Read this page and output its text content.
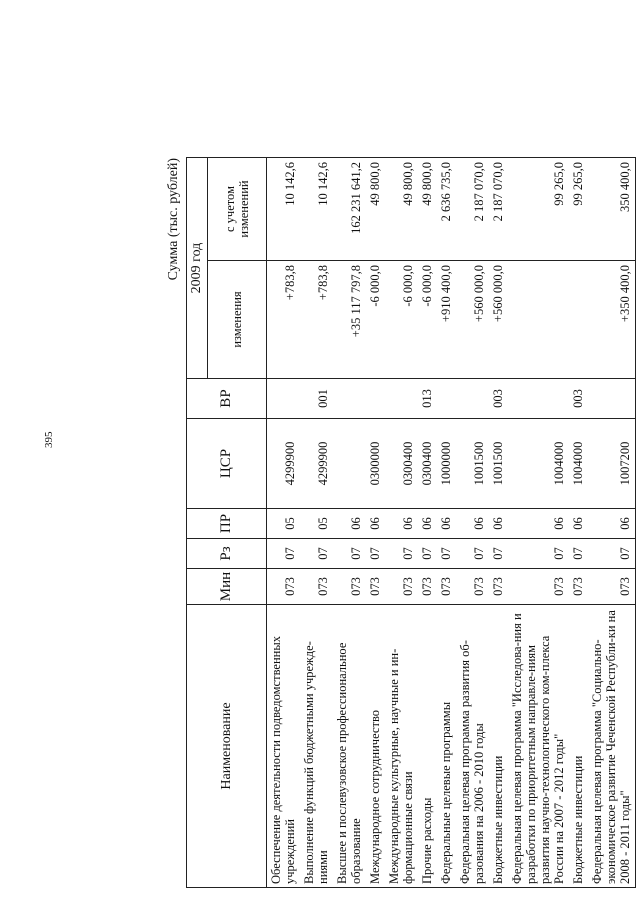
395
Сумма (тыс. рублей)
Наименование	Мин	Рз	ПР	ЦСР	ВР	2009 год	
						изменения	с учетом изменений

Обеспечение деятельности подведомственных учреждений	073	07	05	4299900		+783,8	10 142,6
Выполнение функций бюджетными учрежде-ниями	073	07	05	4299900	001	+783,8	10 142,6
Высшее и послевузовское профессиональное образование	073	07	06			+35 117 797,8	162 231 641,2
Международное сотрудничество	073	07	06	0300000		-6 000,0	49 800,0
Международные культурные, научные и ин-формационные связи	073	07	06	0300400		-6 000,0	49 800,0
Прочие расходы	073	07	06	0300400	013	-6 000,0	49 800,0
Федеральные целевые программы	073	07	06	1000000		+910 400,0	2 636 735,0
Федеральная целевая программа развития об-разования на 2006 - 2010 годы	073	07	06	1001500		+560 000,0	2 187 070,0
Бюджетные инвестиции	073	07	06	1001500	003	+560 000,0	2 187 070,0
Федеральная целевая программа "Исследова-ния и разработки по приоритетным направле-ниям развития научно-технологического ком-плекса России на 2007 - 2012 годы"	073	07	06	1004000			99 265,0
Бюджетные инвестиции	073	07	06	1004000	003		99 265,0
Федеральная целевая программа "Социально-экономическое развитие Чеченской Республи-ки на 2008 - 2011 годы"	073	07	06	1007200		+350 400,0	350 400,0
